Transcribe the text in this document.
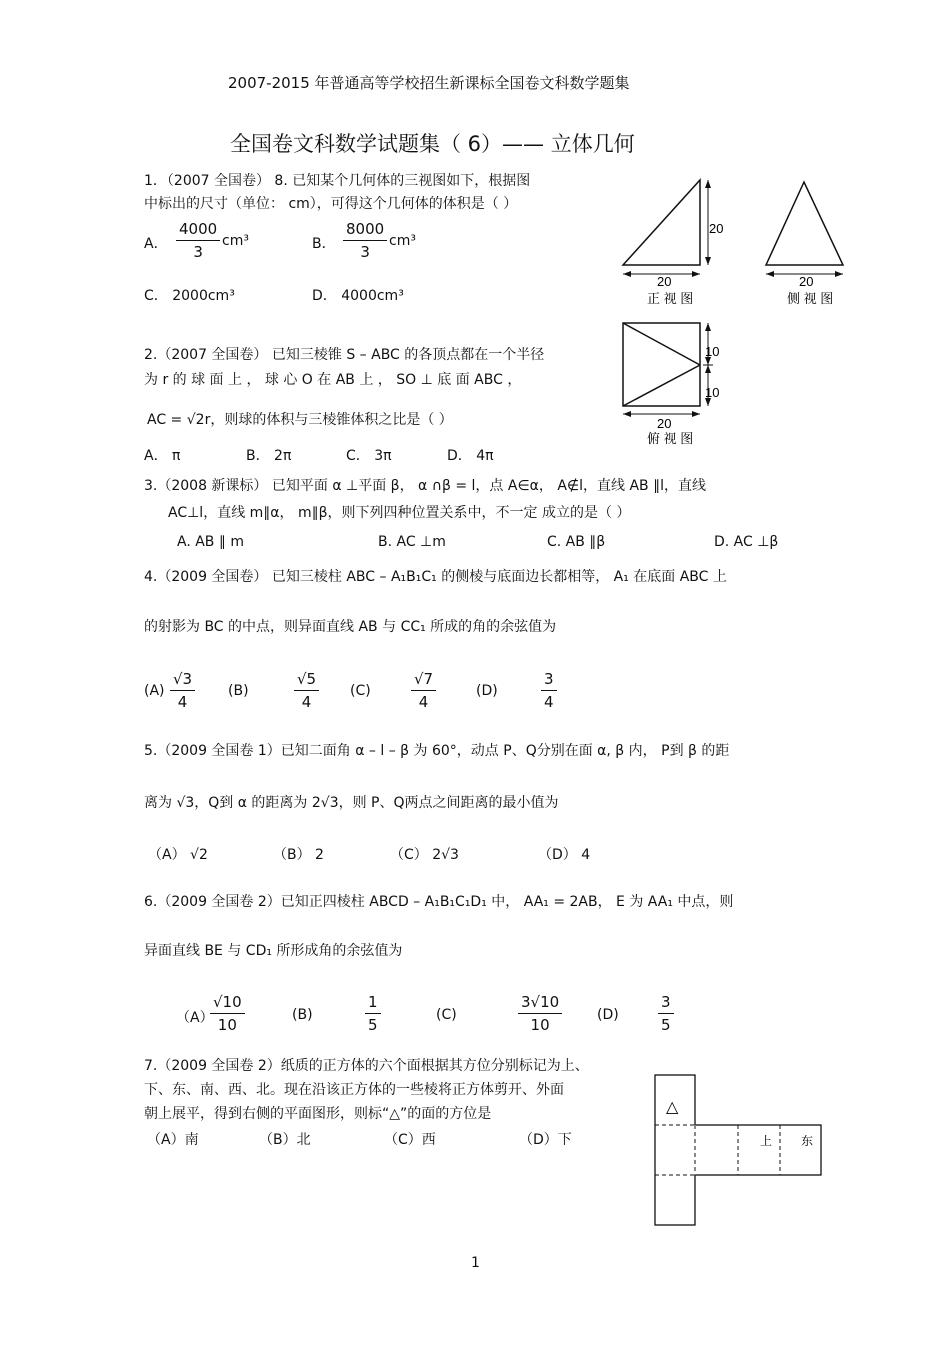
2007-2015 年普通高等学校招生新课标全国卷文科数学题集
全国卷文科数学试题集（ 6）—— 立体几何
1．（2007 全国卷） 8. 已知某个几何体的三视图如下，根据图
中标出的尺寸（单位： cm），可得这个几何体的体积是（ ）
A． $\frac{4000}{3} cm^3$	B． $\frac{8000}{3} cm^3$
C． 2000cm³	D． 4000cm³
20
20
正 视 图
20
侧 视 图
10
10
20
俯 视 图
2.（2007 全国卷） 已知三棱锥 S – ABC 的各顶点都在一个半径
为 r 的 球 面 上 ， 球 心 O 在 AB 上 ， SO ⊥ 底 面 ABC ，
AC = √2r，则球的体积与三棱锥体积之比是（ ）
A． π	B． 2π	C． 3π	D． 4π
3.（2008 新课标） 已知平面 α ⊥平面 β， α ∩β = l，点 A∈α， A∉l，直线 AB ∥l，直线
AC⊥l，直线 m∥α， m∥β，则下列四种位置关系中，不一定 成立的是（ ）
A. AB ∥ m	B. AC ⊥m	C. AB ∥β	D. AC ⊥β
4.（2009 全国卷） 已知三棱柱 ABC – A₁B₁C₁ 的侧棱与底面边长都相等， A₁ 在底面 ABC 上
的射影为 BC 的中点，则异面直线 AB 与 CC₁ 所成的角的余弦值为
$(A) \frac{√3}{4} (B)$	$\frac{√5}{4} (C)$	$\frac{√7}{4}$	(D)	$\frac{3}{4}$
5.（2009 全国卷 1）已知二面角 α – l – β 为 60°，动点 P、Q分别在面 α, β 内， P到 β 的距
离为 √3，Q到 α 的距离为 2√3，则 P、Q两点之间距离的最小值为
（A） √2	（B） 2	（C） 2√3	（D） 4
6.（2009 全国卷 2）已知正四棱柱 ABCD – A₁B₁C₁D₁ 中， AA₁ = 2AB， E 为 AA₁ 中点，则
异面直线 BE 与 CD₁ 所形成角的余弦值为
（A）
$\frac{√10}{10}$	(B)	$\frac{1}{5}$	(C)	$\frac{3√10}{10} (D)$	$\frac{3}{5}$
7.（2009 全国卷 2）纸质的正方体的六个面根据其方位分别标记为上、
下、东、南、西、北。现在沿该正方体的一些棱将正方体剪开、外面
朝上展平，得到右侧的平面图形，则标“△”的面的方位是
（A）南	（B）北	（C）西	（D）下
△
上 东
1
